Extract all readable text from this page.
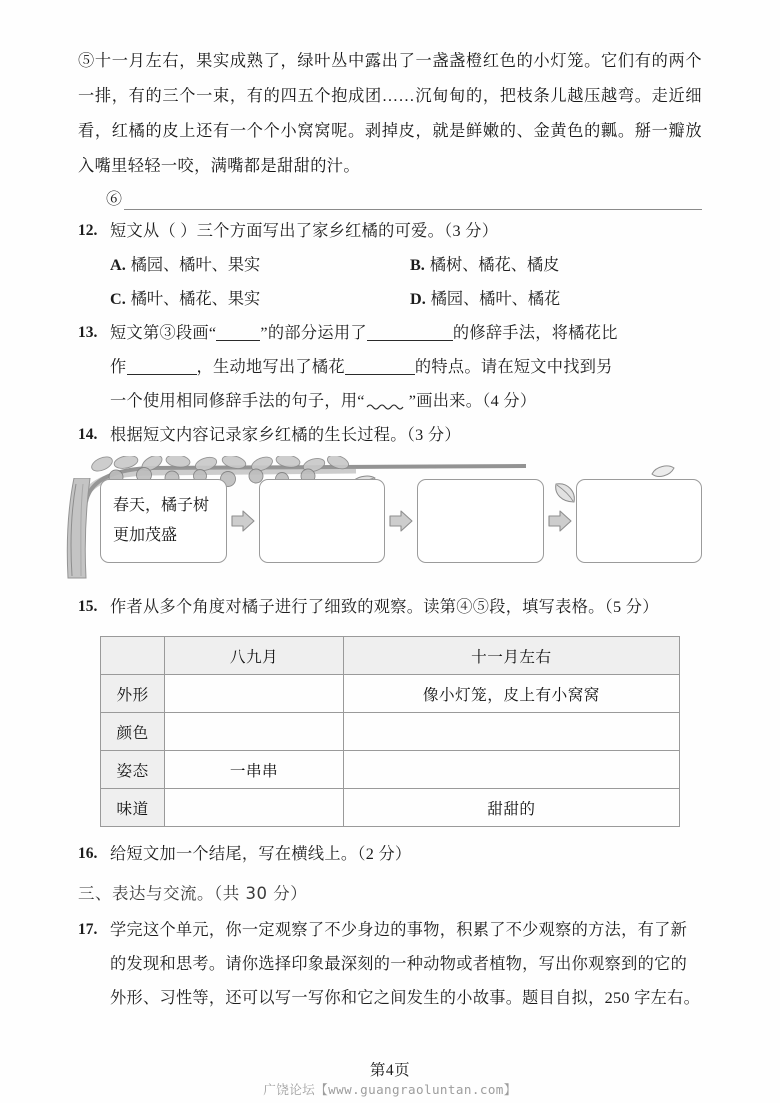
⑤十一月左右，果实成熟了，绿叶丛中露出了一盏盏橙红色的小灯笼。它们有的两个一排，有的三个一束，有的四五个抱成团……沉甸甸的，把枝条儿越压越弯。走近细看，红橘的皮上还有一个个小窝窝呢。剥掉皮，就是鲜嫩的、金黄色的瓤。掰一瓣放入嘴里轻轻一咬，满嘴都是甜甜的汁。
⑥
12. 短文从（ ）三个方面写出了家乡红橘的可爱。（3 分）
A. 橘园、橘叶、果实	B. 橘树、橘花、橘皮
C. 橘叶、橘花、果实	D. 橘园、橘叶、橘花
13. 短文第③段画“	”的部分运用了	的修辞手法，将橘花比
作	，生动地写出了橘花	的特点。请在短文中找到另
一个使用相同修辞手法的句子，用“	”画出来。（4 分）
14. 根据短文内容记录家乡红橘的生长过程。（3 分）
春天，橘子树
更加茂盛
15. 作者从多个角度对橘子进行了细致的观察。读第④⑤段，填写表格。（5 分）
	八九月	十一月左右
外形		像小灯笼，皮上有小窝窝
颜色		
姿态	一串串	
味道		甜甜的
16. 给短文加一个结尾，写在横线上。（2 分）
三、表达与交流。（共 30 分）
17. 学完这个单元，你一定观察了不少身边的事物，积累了不少观察的方法，有了新的发现和思考。请你选择印象最深刻的一种动物或者植物，写出你观察到的它的外形、习性等，还可以写一写你和它之间发生的小故事。题目自拟，250 字左右。
第4页
广饶论坛【www.guangraoluntan.com】
